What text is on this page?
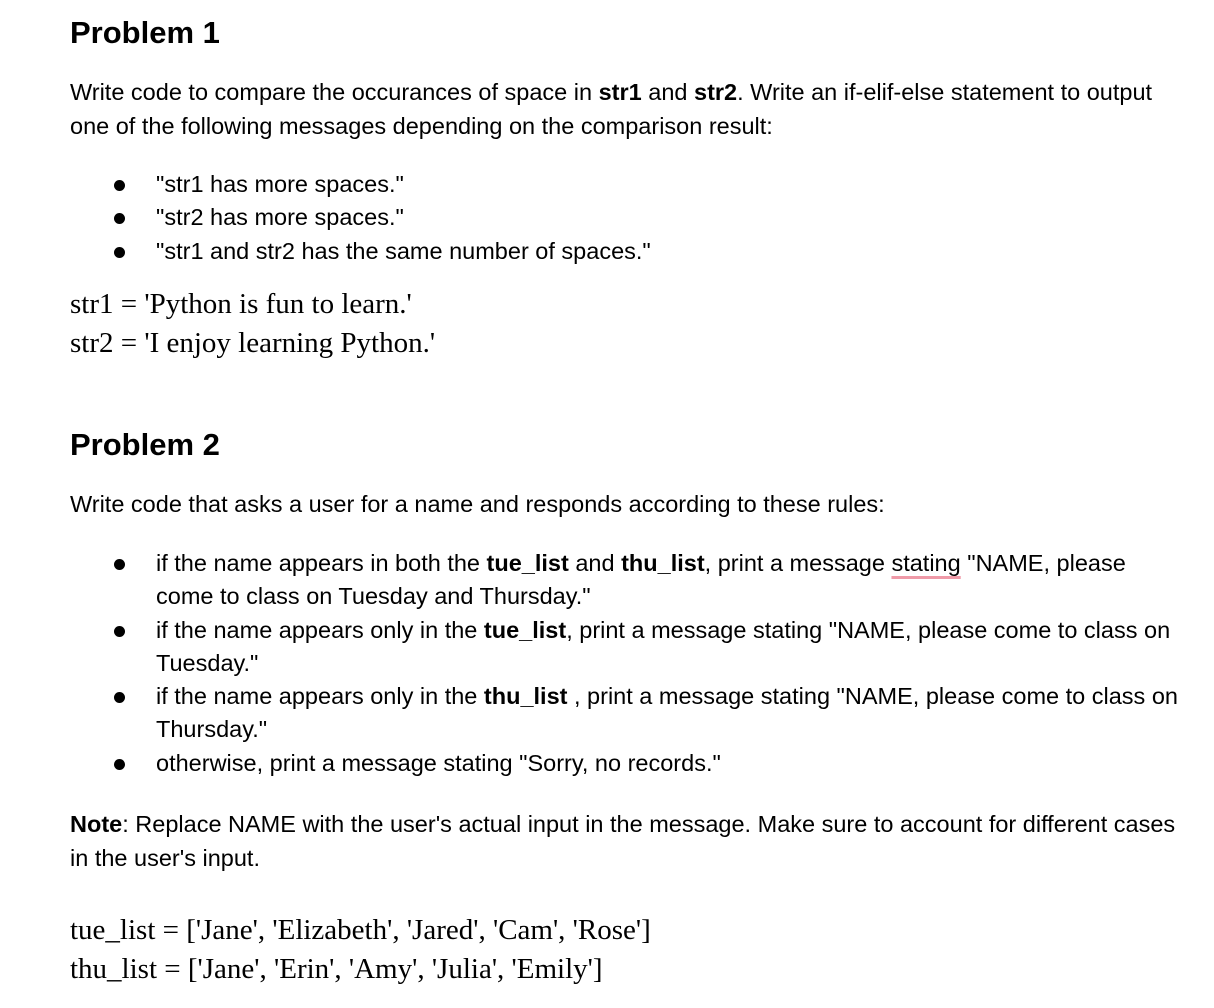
Problem 1

Write code to compare the occurances of space in str1 and str2. Write an if-elif-else statement to output one of the following messages depending on the comparison result:

"str1 has more spaces."
"str2 has more spaces."
"str1 and str2 has the same number of spaces."
str1 = 'Python is fun to learn.'
str2 = 'I enjoy learning Python.'
Problem 2

Write code that asks a user for a name and responds according to these rules:

if the name appears in both the tue_list and thu_list, print a message stating "NAME, please come to class on Tuesday and Thursday."
if the name appears only in the tue_list, print a message stating "NAME, please come to class on Tuesday."
if the name appears only in the thu_list , print a message stating "NAME, please come to class on Thursday."
otherwise, print a message stating "Sorry, no records."

Note: Replace NAME with the user's actual input in the message. Make sure to account for different cases in the user's input.

tue_list = ['Jane', 'Elizabeth', 'Jared', 'Cam', 'Rose']
thu_list = ['Jane', 'Erin', 'Amy', 'Julia', 'Emily']
